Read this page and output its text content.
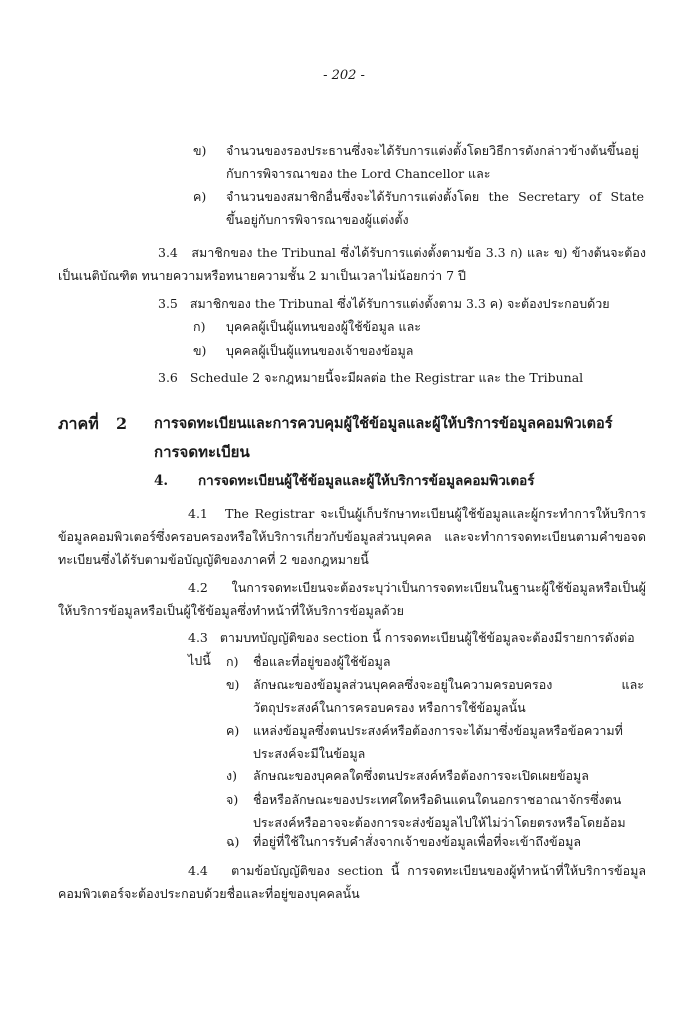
- 202 -
ข) จำนวนของรองประธานซึ่งจะได้รับการแต่งตั้งโดยวิธีการดังกล่าวข้างต้นขึ้นอยู่กับการพิจารณาของ the Lord Chancellor และ
ค) จำนวนของสมาชิกอื่นซึ่งจะได้รับการแต่งตั้งโดย the Secretary of State ขึ้นอยู่กับการพิจารณาของผู้แต่งตั้ง
3.4 สมาชิกของ the Tribunal ซึ่งได้รับการแต่งตั้งตามข้อ 3.3 ก) และ ข) ข้างต้นจะต้องเป็นเนติบัณฑิต ทนายความหรือทนายความชั้น 2 มาเป็นเวลาไม่น้อยกว่า 7 ปี
3.5 สมาชิกของ the Tribunal ซึ่งได้รับการแต่งตั้งตาม 3.3 ค) จะต้องประกอบด้วย
ก) บุคคลผู้เป็นผู้แทนของผู้ใช้ข้อมูล และ
ข) บุคคลผู้เป็นผู้แทนของเจ้าของข้อมูล
3.6 Schedule 2 จะกฎหมายนี้จะมีผลต่อ the Registrar และ the Tribunal
ภาคที่ 2 การจดทะเบียนและการควบคุมผู้ใช้ข้อมูลและผู้ให้บริการข้อมูลคอมพิวเตอร์
การจดทะเบียน
4. การจดทะเบียนผู้ใช้ข้อมูลและผู้ให้บริการข้อมูลคอมพิวเตอร์
4.1 The Registrar จะเป็นผู้เก็บรักษาทะเบียนผู้ใช้ข้อมูลและผู้กระทำการให้บริการข้อมูลคอมพิวเตอร์ซึ่งครอบครองหรือให้บริการเกี่ยวกับข้อมูลส่วนบุคคล และจะทำการจดทะเบียนตามคำขอจดทะเบียนซึ่งได้รับตามข้อบัญญัติของภาคที่ 2 ของกฎหมายนี้
4.2 ในการจดทะเบียนจะต้องระบุว่าเป็นการจดทะเบียนในฐานะผู้ใช้ข้อมูลหรือเป็นผู้ให้บริการข้อมูลหรือเป็นผู้ใช้ข้อมูลซึ่งทำหน้าที่ให้บริการข้อมูลด้วย
4.3 ตามบทบัญญัติของ section นี้ การจดทะเบียนผู้ใช้ข้อมูลจะต้องมีรายการดังต่อไปนี้	ก) ชื่อและที่อยู่ของผู้ใช้ข้อมูล
ข) ลักษณะของข้อมูลส่วนบุคคลซึ่งจะอยู่ในความครอบครอง และวัตถุประสงค์ในการครอบครอง หรือการใช้ข้อมูลนั้น
ค) แหล่งข้อมูลซึ่งตนประสงค์หรือต้องการจะได้มาซึ่งข้อมูลหรือข้อความที่ประสงค์จะมีในข้อมูล
ง) ลักษณะของบุคคลใดซึ่งตนประสงค์หรือต้องการจะเปิดเผยข้อมูล
จ) ชื่อหรือลักษณะของประเทศใดหรือดินแดนใดนอกราชอาณาจักรซึ่งตนประสงค์หรืออาจจะต้องการจะส่งข้อมูลไปให้ไม่ว่าโดยตรงหรือโดยอ้อม
ฉ) ที่อยู่ที่ใช้ในการรับคำสั่งจากเจ้าของข้อมูลเพื่อที่จะเข้าถึงข้อมูล
4.4 ตามข้อบัญญัติของ section นี้ การจดทะเบียนของผู้ทำหน้าที่ให้บริการข้อมูลคอมพิวเตอร์จะต้องประกอบด้วยชื่อและที่อยู่ของบุคคลนั้น
